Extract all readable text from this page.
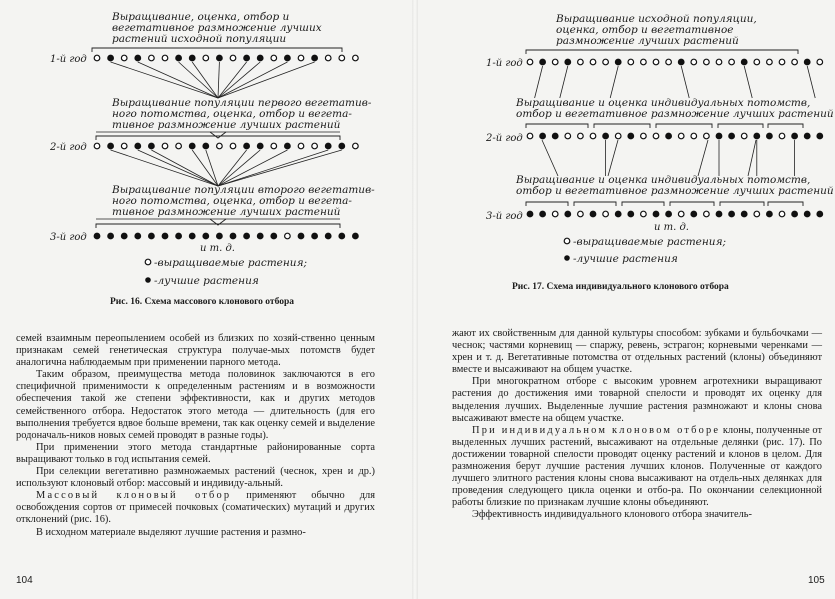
Выращивание, оценка, отбор и
вегетативное размножение лучших
растений исходной популяции
1-й год
Выращивание популяции первого вегетатив-
ного потомства, оценка, отбор и вегета-
тивное размножение лучших растений
2-й год
Выращивание популяции второго вегетатив-
ного потомства, оценка, отбор и вегета-
тивное размножение лучших растений
3-й год
и т. д.
-выращиваемые растения;
-лучшие растения
Рис. 16. Схема массового клонового отбора

семей взаимным переопылением особей из близких по хозяй-ственно ценным признакам семей генетическая структура получае-мых потомств будет аналогична наблюдаемым при применении парного метода.

Таким образом, преимущества метода половинок заключаются в его специфичной применимости к определенным растениям и в возможности обеспечения такой же степени эффективности, как и других методов семейственного отбора. Недостаток этого метода — длительность (для его выполнения требуется вдвое больше времени, так как оценку семей и выделение родоначаль-ников новых семей проводят в разные годы).

При применении этого метода стандартные районированные сорта выращивают только в год испытания семей.

При селекции вегетативно размножаемых растений (чеснок, хрен и др.) используют клоновый отбор: массовый и индивиду-альный.

Массовый клоновый отбор применяют обычно для освобождения сортов от примесей почковых (соматических) мутаций и других отклонений (рис. 16).

В исходном материале выделяют лучшие растения и размно-

104
Выращивание исходной популяции,
оценка, отбор и вегетативное
размножение лучших растений
1-й год
Выращивание и оценка индивидуальных потомств,
отбор и вегетативное размножение лучших растений
2-й год
Выращивание и оценка индивидуальных потомств,
отбор и вегетативное размножение лучших растений
3-й год
и т. д.
-выращиваемые растения;
-лучшие растения
Рис. 17. Схема индивидуального клонового отбора

жают их свойственным для данной культуры способом: зубками и бульбочками — чеснок; частями корневищ — спаржу, ревень, эстрагон; корневыми черенками — хрен и т. д. Вегетативные потомства от отдельных растений (клоны) объединяют вместе и высаживают на общем участке.

При многократном отборе с высоким уровнем агротехники выращивают растения до достижения ими товарной спелости и проводят их оценку для выделения лучших. Выделенные лучшие растения размножают и клоны снова высаживают вместе на общем участке.

При индивидуальном клоновом отборе клоны, полученные от выделенных лучших растений, высаживают на отдельные делянки (рис. 17). По достижении товарной спелости проводят оценку растений и клонов в целом. Для размножения берут лучшие растения лучших клонов. Полученные от каждого лучшего элитного растения клоны снова высаживают на отдель-ных делянках для проведения следующего цикла оценки и отбо-ра. По окончании селекционной работы близкие по признакам лучшие клоны объединяют.

Эффективность индивидуального клонового отбора значитель-

105
